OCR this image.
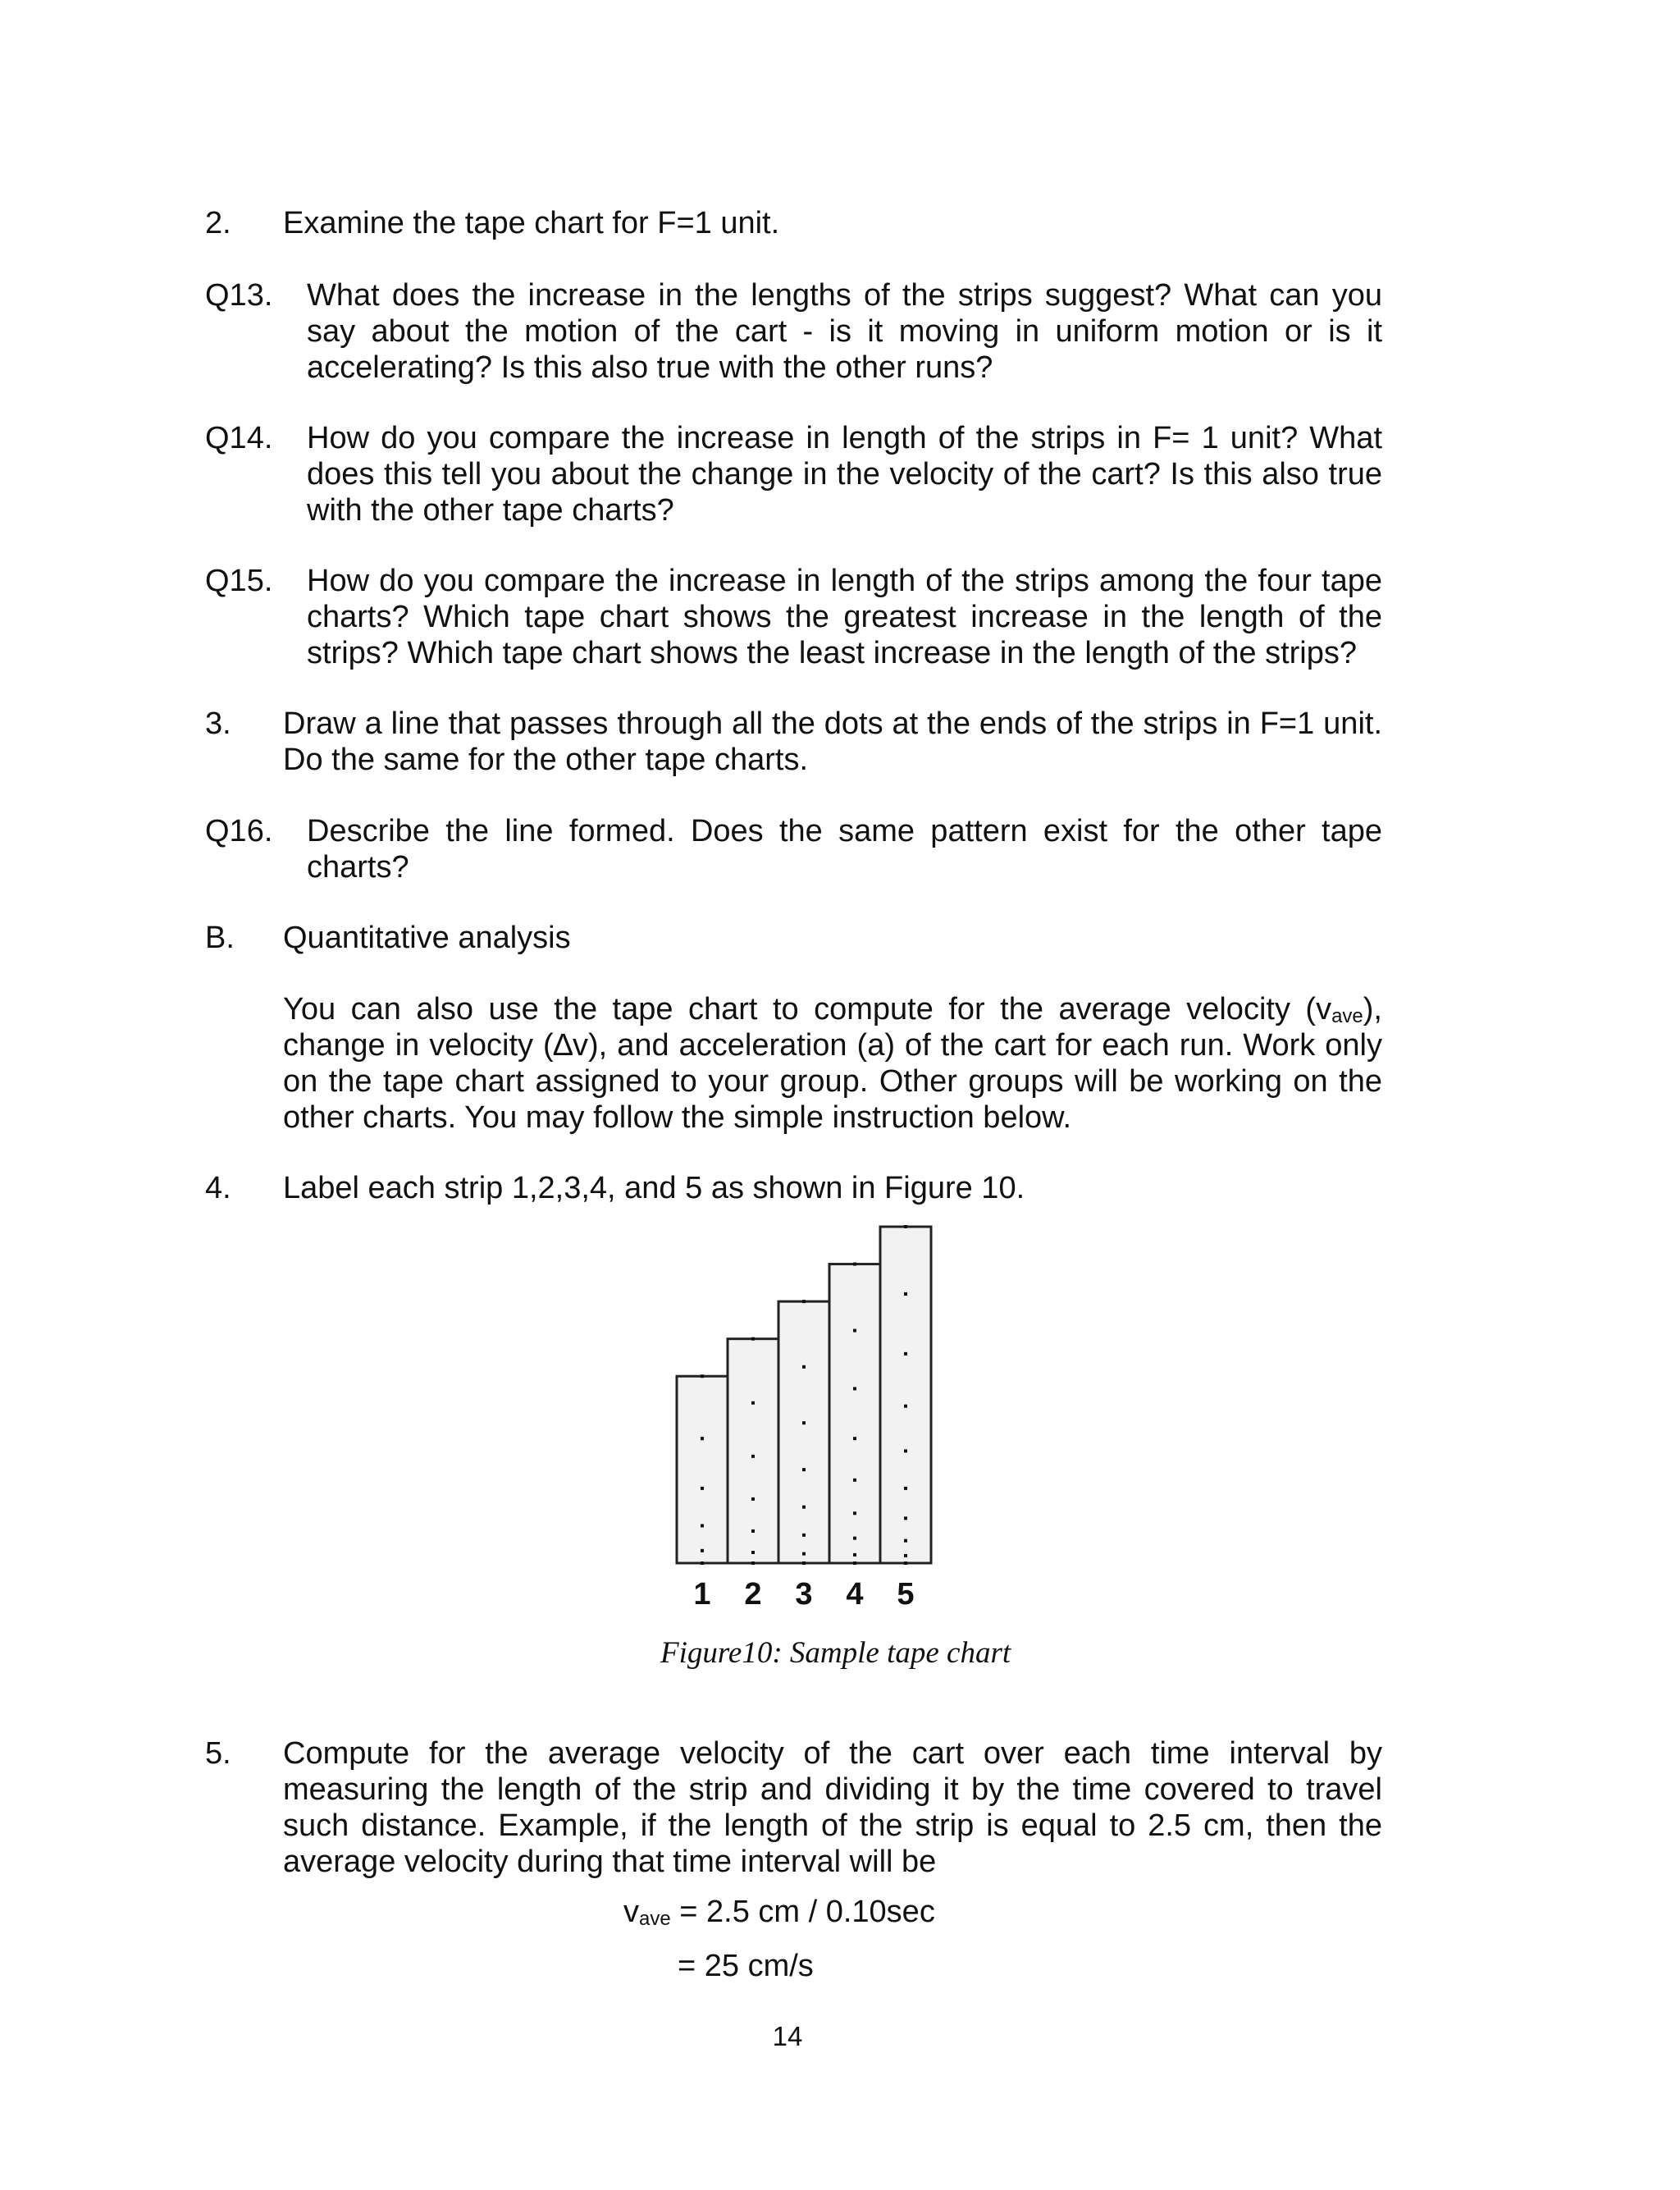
2. Examine the tape chart for F=1 unit.

Q13. What does the increase in the lengths of the strips suggest? What can you say about the motion of the cart - is it moving in uniform motion or is it accelerating? Is this also true with the other runs?

Q14. How do you compare the increase in length of the strips in F= 1 unit? What does this tell you about the change in the velocity of the cart? Is this also true with the other tape charts?

Q15. How do you compare the increase in length of the strips among the four tape charts? Which tape chart shows the greatest increase in the length of the strips? Which tape chart shows the least increase in the length of the strips?

3. Draw a line that passes through all the dots at the ends of the strips in F=1 unit. Do the same for the other tape charts.

Q16. Describe the line formed. Does the same pattern exist for the other tape charts?

B. Quantitative analysis

You can also use the tape chart to compute for the average velocity $(v_{ave})$, change in velocity (∆v), and acceleration (a) of the cart for each run. Work only on the tape chart assigned to your group. Other groups will be working on the other charts. You may follow the simple instruction below.

4. Label each strip 1,2,3,4, and 5 as shown in Figure 10.

1 2 3 4 5
Figure10: Sample tape chart
5. Compute for the average velocity of the cart over each time interval by measuring the length of the strip and dividing it by the time covered to travel such distance. Example, if the length of the strip is equal to 2.5 cm, then the average velocity during that time interval will be

$v_{ave} = 2.5$ cm / 0.10sec
= 25 cm/s
14
